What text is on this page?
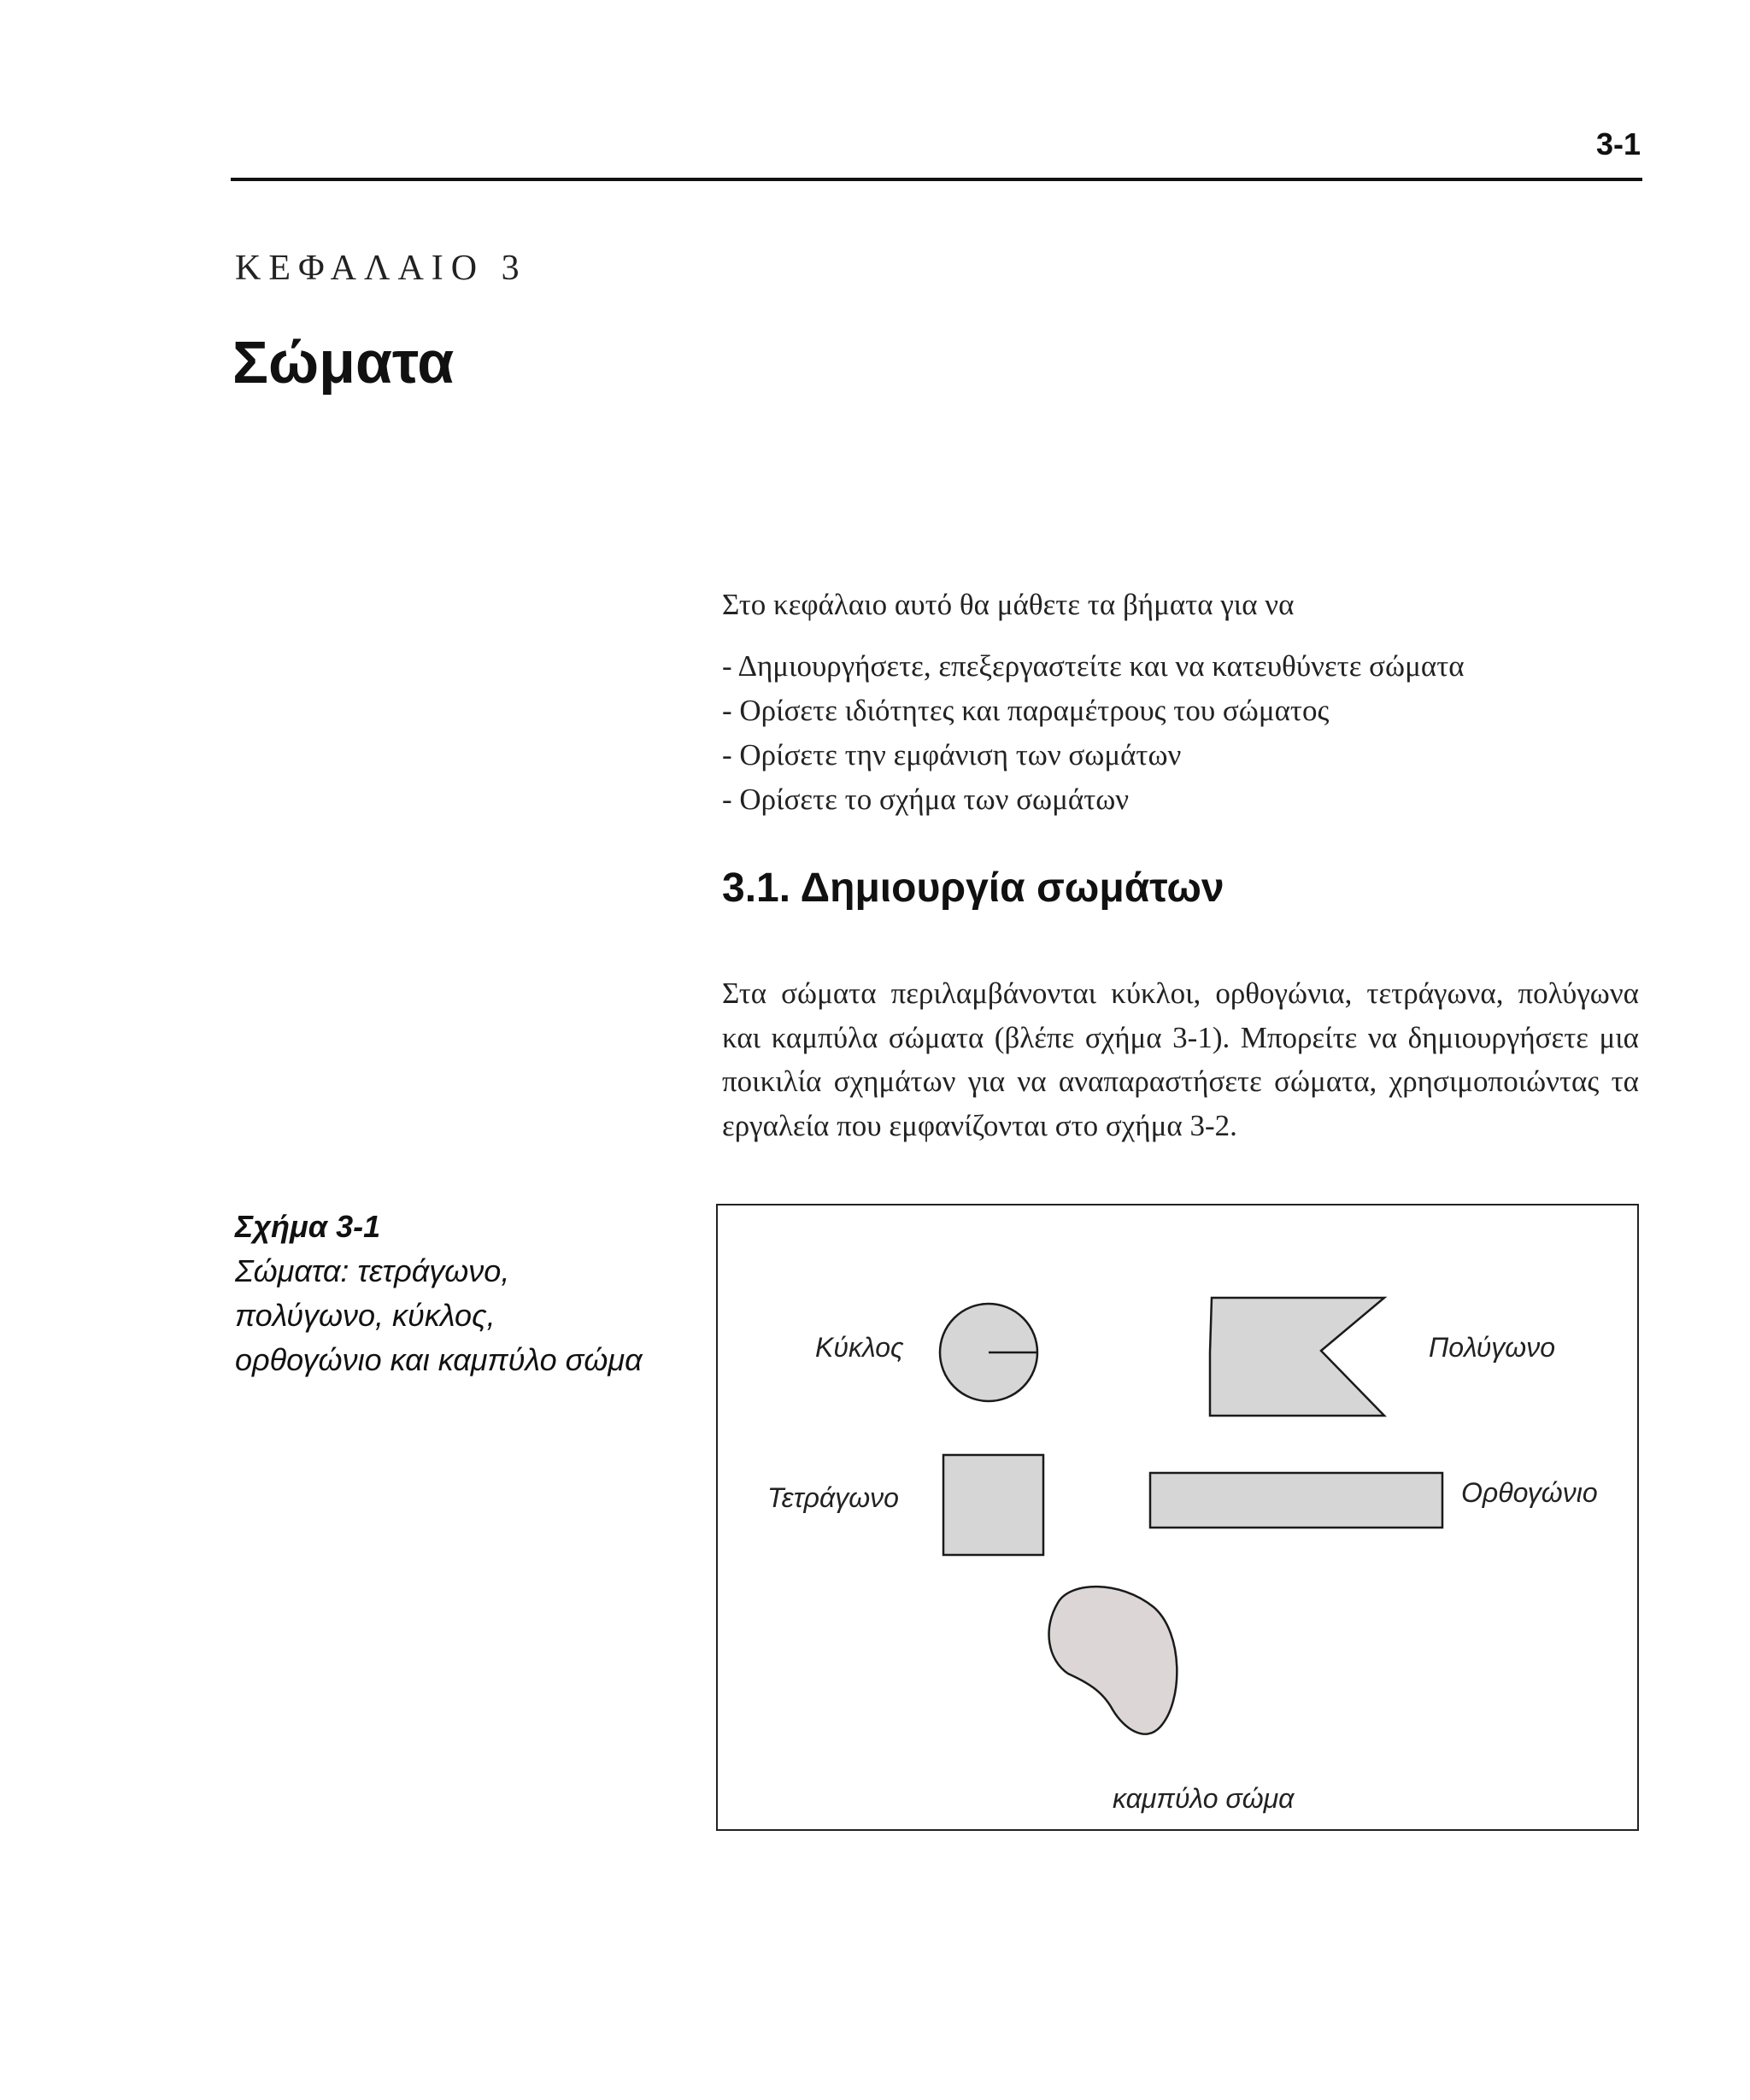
3-1
ΚΕΦΑΛΑΙΟ 3
Σώματα

Στο κεφάλαιο αυτό θα μάθετε τα βήματα για να

- Δημιουργήσετε, επεξεργαστείτε και να κατευθύνετε σώματα
- Ορίσετε ιδιότητες και παραμέτρους του σώματος
- Ορίσετε την εμφάνιση των σωμάτων
- Ορίσετε το σχήμα των σωμάτων
3.1. Δημιουργία σωμάτων

Στα σώματα περιλαμβάνονται κύκλοι, ορθογώνια, τετράγωνα, πολύγωνα και καμπύλα σώματα (βλέπε σχήμα 3-1). Μπορείτε να δημιουργήσετε μια ποικιλία σχημάτων για να αναπαραστήσετε σώματα, χρησιμοποιώντας τα εργαλεία που εμφανίζονται στο σχήμα 3-2.

Σχήμα 3-1
Σώματα: τετράγωνο,
πολύγωνο, κύκλος,
ορθογώνιο και καμπύλο σώμα	Κύκλος	Πολύγωνο
Τετράγωνο	Ορθογώνιο
καμπύλο σώμα
